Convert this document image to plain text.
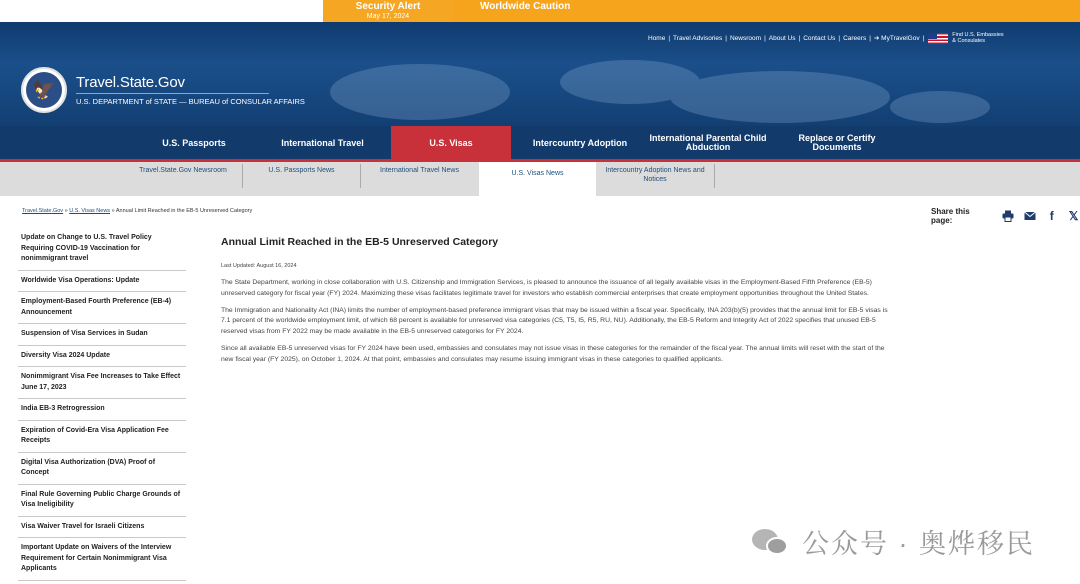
Security Alert
May 17, 2024
Worldwide Caution
Home | Travel Advisories | Newsroom | About Us | Contact Us | Careers | ➔ MyTravelGov |	Find U.S. Embassies
& Consulates
🦅	Travel.State.Gov
U.S. DEPARTMENT of STATE — BUREAU of CONSULAR AFFAIRS
U.S. Passports	International Travel	U.S. Visas	Intercountry Adoption International Parental Child Abduction
Replace or Certify Documents
Travel.State.Gov Newsroom	U.S. Passports News	International Travel News	U.S. Visas News	Intercountry Adoption News and Notices
Travel.State.Gov » U.S. Visas News » Annual Limit Reached in the EB-5 Unreserved Category	Share this page:	f	𝕏
Update on Change to U.S. Travel Policy Requiring COVID-19 Vaccination for nonimmigrant travel
Worldwide Visa Operations: Update
Employment-Based Fourth Preference (EB-4) Announcement
Suspension of Visa Services in Sudan
Diversity Visa 2024 Update
Nonimmigrant Visa Fee Increases to Take Effect June 17, 2023
India EB-3 Retrogression
Expiration of Covid-Era Visa Application Fee Receipts
Digital Visa Authorization (DVA) Proof of Concept
Final Rule Governing Public Charge Grounds of Visa Ineligibility
Visa Waiver Travel for Israeli Citizens
Important Update on Waivers of the Interview Requirement for Certain Nonimmigrant Visa Applicants
Annual Limit Reached in the EB-5 Unreserved Category
Last Updated: August 16, 2024

The State Department, working in close collaboration with U.S. Citizenship and Immigration Services, is pleased to announce the issuance of all legally available visas in the Employment-Based Fifth Preference (EB-5) unreserved category for fiscal year (FY) 2024. Maximizing these visas facilitates legitimate travel for investors who establish commercial enterprises that create employment opportunities throughout the United States.

The Immigration and Nationality Act (INA) limits the number of employment-based preference immigrant visas that may be issued within a fiscal year. Specifically, INA 203(b)(5) provides that the annual limit for EB-5 visas is 7.1 percent of the worldwide employment limit, of which 68 percent is available for unreserved visa categories (C5, T5, I5, R5, RU, NU). Additionally, the EB-5 Reform and Integrity Act of 2022 specifies that unused EB-5 reserved visas from FY 2022 may be made available in the EB-5 unreserved categories for FY 2024.

Since all available EB-5 unreserved visas for FY 2024 have been used, embassies and consulates may not issue visas in these categories for the remainder of the fiscal year. The annual limits will reset with the start of the new fiscal year (FY 2025), on October 1, 2024. At that point, embassies and consulates may resume issuing immigrant visas in these categories to qualified applicants.

公众号 · 奥烨移民
